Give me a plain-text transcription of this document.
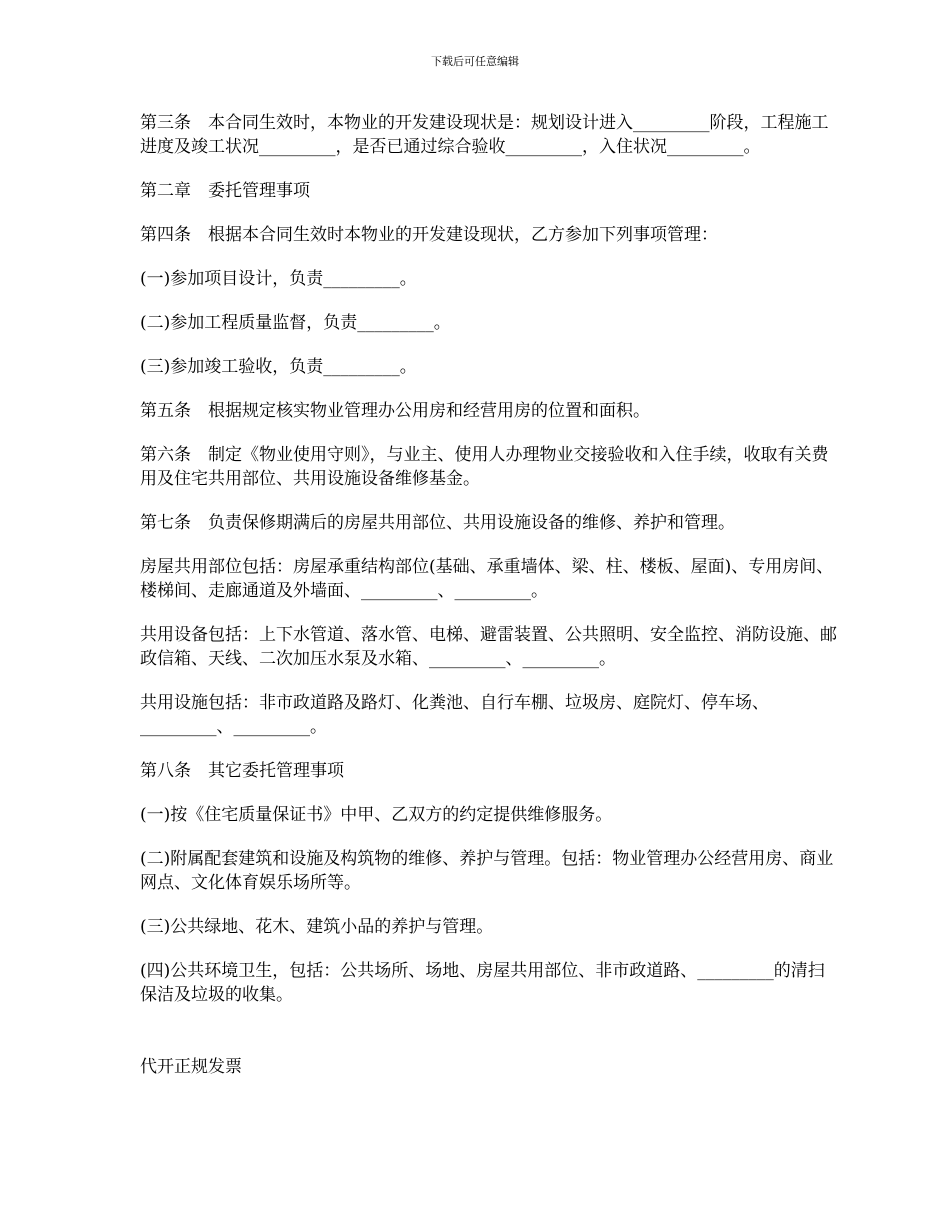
下载后可任意编辑

第三条　本合同生效时，本物业的开发建设现状是：规划设计进入_________阶段，工程施工进度及竣工状况_________，是否已通过综合验收_________，入住状况_________。

第二章　委托管理事项

第四条　根据本合同生效时本物业的开发建设现状，乙方参加下列事项管理：

(一)参加项目设计，负责_________。

(二)参加工程质量监督，负责_________。

(三)参加竣工验收，负责_________。

第五条　根据规定核实物业管理办公用房和经营用房的位置和面积。

第六条　制定《物业使用守则》，与业主、使用人办理物业交接验收和入住手续，收取有关费用及住宅共用部位、共用设施设备维修基金。

第七条　负责保修期满后的房屋共用部位、共用设施设备的维修、养护和管理。

房屋共用部位包括：房屋承重结构部位(基础、承重墙体、梁、柱、楼板、屋面)、专用房间、楼梯间、走廊通道及外墙面、_________、_________。

共用设备包括：上下水管道、落水管、电梯、避雷装置、公共照明、安全监控、消防设施、邮政信箱、天线、二次加压水泵及水箱、_________、_________。

共用设施包括：非市政道路及路灯、化粪池、自行车棚、垃圾房、庭院灯、停车场、_________、_________。

第八条　其它委托管理事项

(一)按《住宅质量保证书》中甲、乙双方的约定提供维修服务。

(二)附属配套建筑和设施及构筑物的维修、养护与管理。包括：物业管理办公经营用房、商业网点、文化体育娱乐场所等。

(三)公共绿地、花木、建筑小品的养护与管理。

(四)公共环境卫生，包括：公共场所、场地、房屋共用部位、非市政道路、_________的清扫保洁及垃圾的收集。

代开正规发票
